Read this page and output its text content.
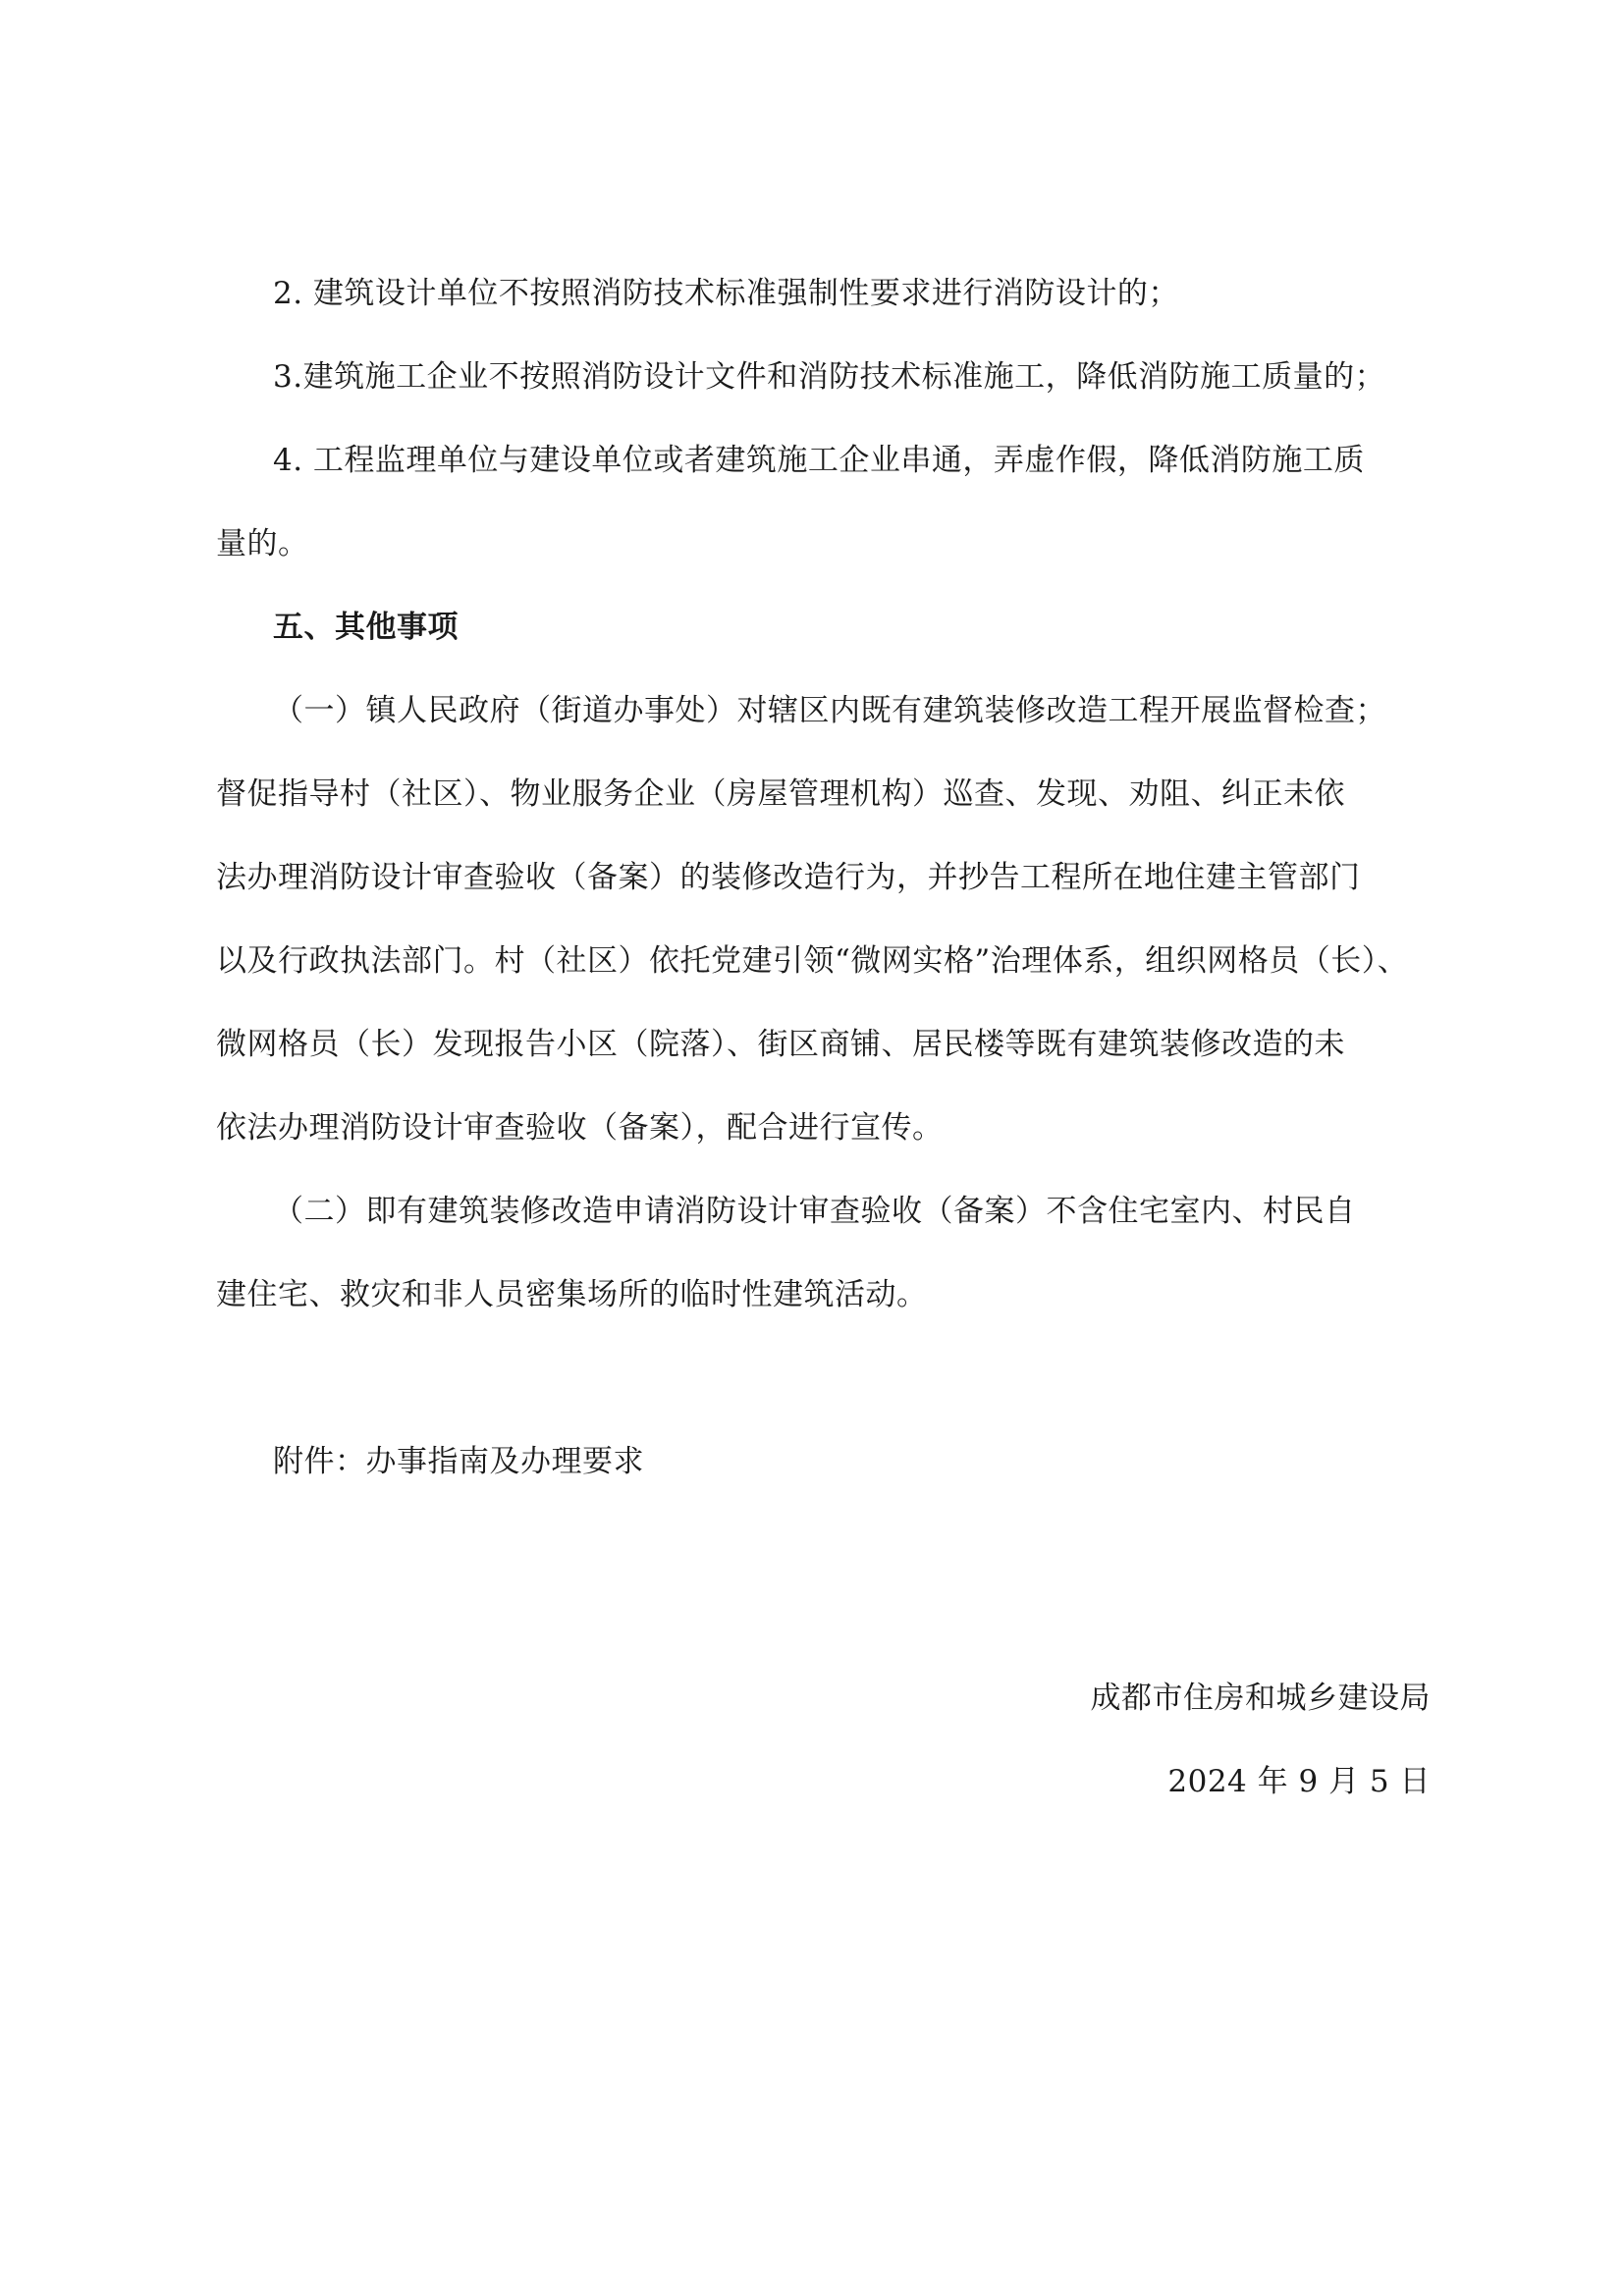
2. 建筑设计单位不按照消防技术标准强制性要求进行消防设计的；
3.建筑施工企业不按照消防设计文件和消防技术标准施工，降低消防施工质量的；
4. 工程监理单位与建设单位或者建筑施工企业串通，弄虚作假，降低消防施工质
量的。
五、其他事项
（一）镇人民政府（街道办事处）对辖区内既有建筑装修改造工程开展监督检查；
督促指导村（社区）、物业服务企业（房屋管理机构）巡查、发现、劝阻、纠正未依
法办理消防设计审查验收（备案）的装修改造行为，并抄告工程所在地住建主管部门
以及行政执法部门。村（社区）依托党建引领“微网实格”治理体系，组织网格员（长）、
微网格员（长）发现报告小区（院落）、街区商铺、居民楼等既有建筑装修改造的未
依法办理消防设计审查验收（备案），配合进行宣传。
（二）即有建筑装修改造申请消防设计审查验收（备案）不含住宅室内、村民自
建住宅、救灾和非人员密集场所的临时性建筑活动。
附件：办事指南及办理要求
成都市住房和城乡建设局
2024 年 9 月 5 日
